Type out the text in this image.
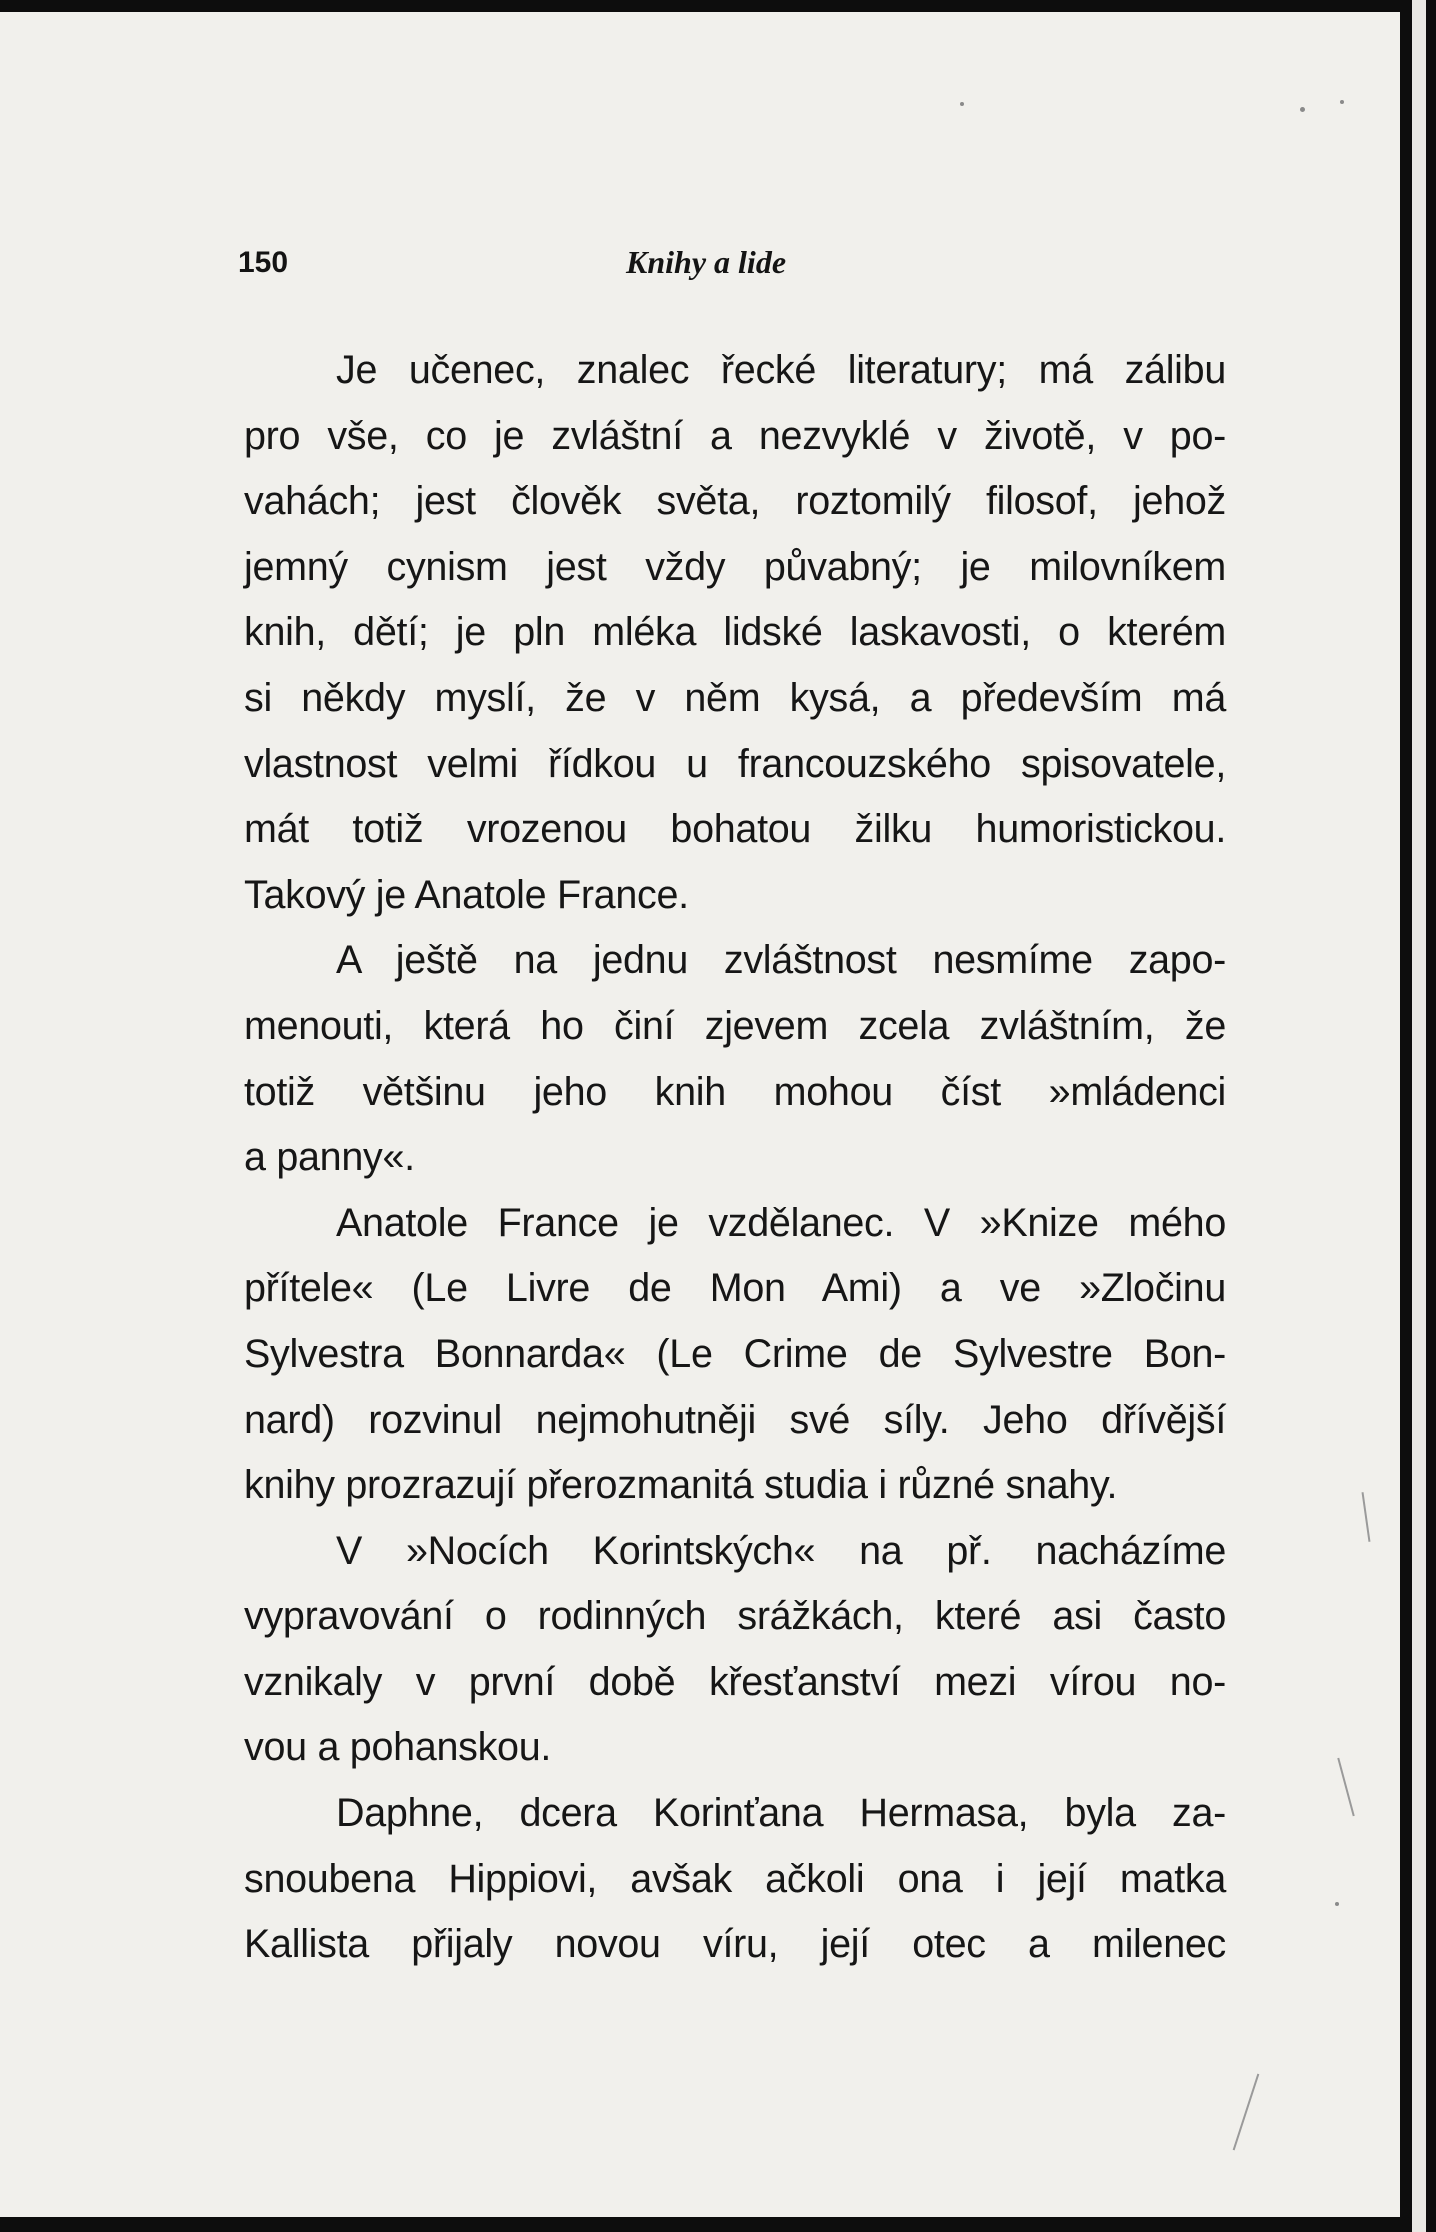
150	Knihy a lide
Je učenec, znalec řecké literatury; má zálibu
pro vše, co je zvláštní a nezvyklé v životě, v po-
vahách; jest člověk světa, roztomilý filosof, jehož
jemný cynism jest vždy půvabný; je milovníkem
knih, dětí; je pln mléka lidské laskavosti, o kterém
si někdy myslí, že v něm kysá, a především má
vlastnost velmi řídkou u francouzského spisovatele,
mát totiž vrozenou bohatou žilku humoristickou.
Takový je Anatole France.
A ještě na jednu zvláštnost nesmíme zapo-
menouti, která ho činí zjevem zcela zvláštním, že
totiž většinu jeho knih mohou číst »mládenci
a panny«.
Anatole France je vzdělanec. V »Knize mého
přítele« (Le Livre de Mon Ami) a ve »Zločinu
Sylvestra Bonnarda« (Le Crime de Sylvestre Bon-
nard) rozvinul nejmohutněji své síly. Jeho dřívější
knihy prozrazují přerozmanitá studia i různé snahy.
V »Nocích Korintských« na př. nacházíme
vypravování o rodinných srážkách, které asi často
vznikaly v první době křesťanství mezi vírou no-
vou a pohanskou.
Daphne, dcera Korinťana Hermasa, byla za-
snoubena Hippiovi, avšak ačkoli ona i její matka
Kallista přijaly novou víru, její otec a milenec
